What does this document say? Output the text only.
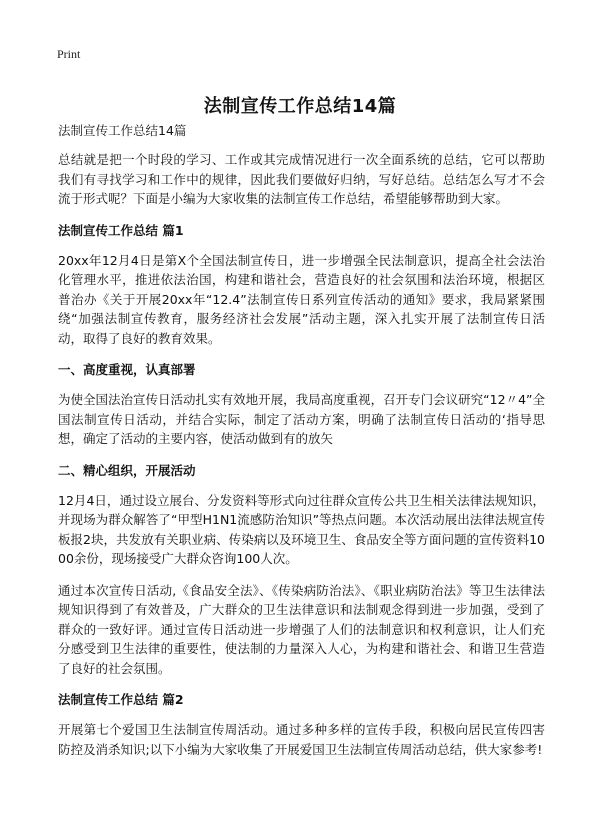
Print
法制宣传工作总结14篇
法制宣传工作总结14篇

总结就是把一个时段的学习、工作或其完成情况进行一次全面系统的总结，它可以帮助我们有寻找学习和工作中的规律，因此我们要做好归纳，写好总结。总结怎么写才不会流于形式呢？下面是小编为大家收集的法制宣传工作总结，希望能够帮助到大家。

法制宣传工作总结 篇1

20xx年12月4日是第X个全国法制宣传日，进一步增强全民法制意识，提高全社会法治化管理水平，推进依法治国，构建和谐社会，营造良好的社会氛围和法治环境，根据区普治办《关于开展20xx年“12.4”法制宣传日系列宣传活动的通知》要求，我局紧紧围绕“加强法制宣传教育，服务经济社会发展”活动主题，深入扎实开展了法制宣传日活动，取得了良好的教育效果。

一、高度重视，认真部署

为使全国法治宣传日活动扎实有效地开展，我局高度重视，召开专门会议研究“12〃4”全国法制宣传日活动，并结合实际，制定了活动方案，明确了法制宣传日活动的‘指导思想，确定了活动的主要内容，使活动做到有的放矢

二、精心组织，开展活动

12月4日，通过设立展台、分发资料等形式向过往群众宣传公共卫生相关法律法规知识，并现场为群众解答了“甲型H1N1流感防治知识”等热点问题。本次活动展出法律法规宣传板报2块，共发放有关职业病、传染病以及环境卫生、食品安全等方面问题的宣传资料1000余份，现场接受广大群众咨询100人次。

通过本次宣传日活动,《食品安全法》、《传染病防治法》、《职业病防治法》等卫生法律法规知识得到了有效普及，广大群众的卫生法律意识和法制观念得到进一步加强，受到了群众的一致好评。通过宣传日活动进一步增强了人们的法制意识和权利意识，让人们充分感受到卫生法律的重要性，使法制的力量深入人心，为构建和谐社会、和谐卫生营造了良好的社会氛围。

法制宣传工作总结 篇2

开展第七个爱国卫生法制宣传周活动。通过多种多样的宣传手段，积极向居民宣传四害防控及消杀知识;以下小编为大家收集了开展爱国卫生法制宣传周活动总结，供大家参考!
